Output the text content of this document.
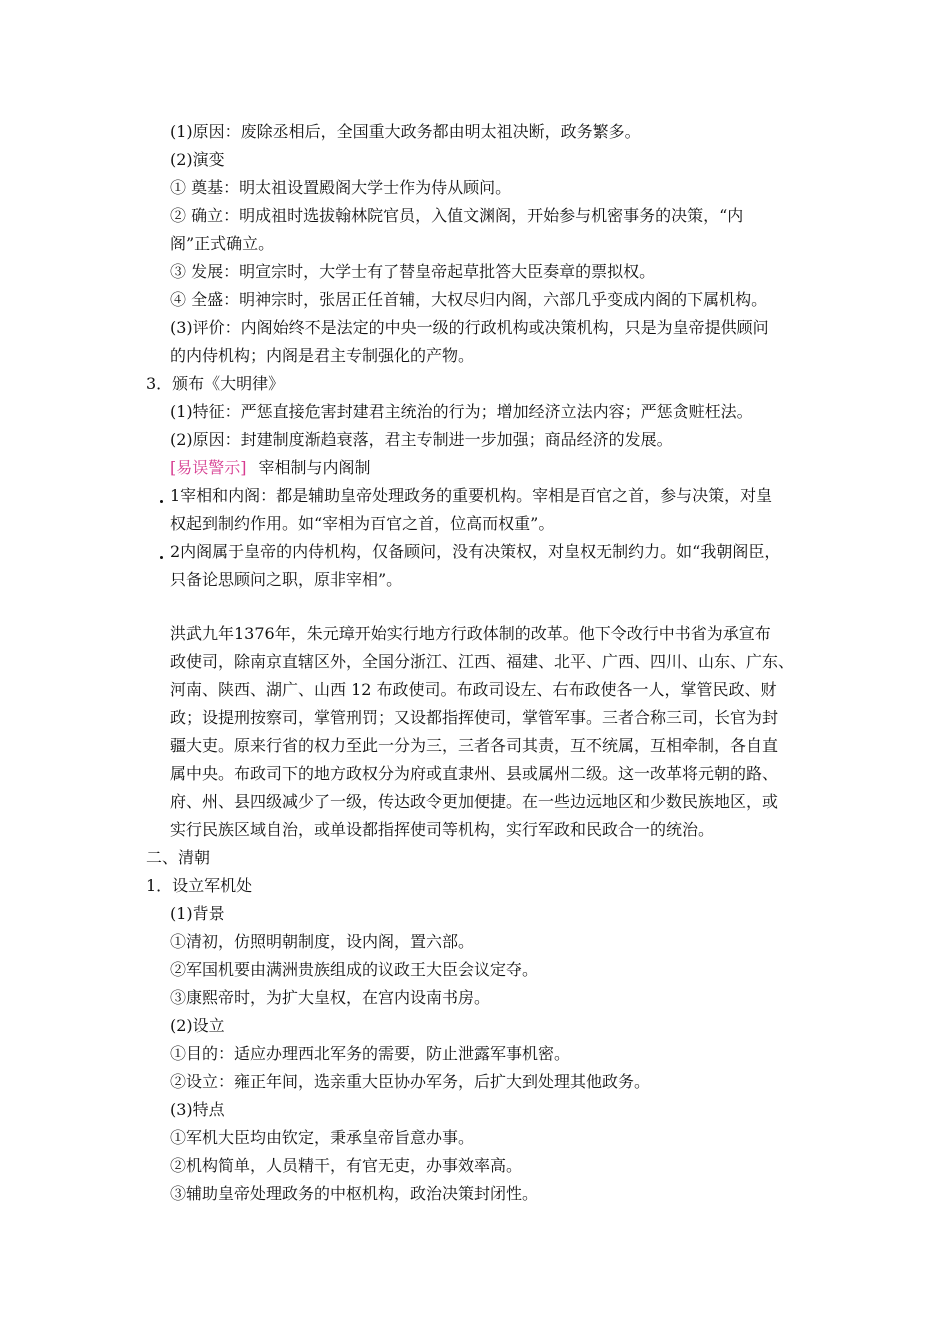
(1)原因：废除丞相后，全国重大政务都由明太祖决断，政务繁多。
(2)演变
① 奠基：明太祖设置殿阁大学士作为侍从顾问。
② 确立：明成祖时选拔翰林院官员，入值文渊阁，开始参与机密事务的决策，“内
阁”正式确立。
③ 发展：明宣宗时，大学士有了替皇帝起草批答大臣奏章的票拟权。
④ 全盛：明神宗时，张居正任首辅，大权尽归内阁，六部几乎变成内阁的下属机构。
(3)评价：内阁始终不是法定的中央一级的行政机构或决策机构，只是为皇帝提供顾问
的内侍机构；内阁是君主专制强化的产物。
3．颁布《大明律》
(1)特征：严惩直接危害封建君主统治的行为；增加经济立法内容；严惩贪赃枉法。
(2)原因：封建制度渐趋衰落，君主专制进一步加强；商品经济的发展。
[易误警示] 宰相制与内阁制
1宰相和内阁：都是辅助皇帝处理政务的重要机构。宰相是百官之首，参与决策，对皇
权起到制约作用。如“宰相为百官之首，位高而权重”。
2内阁属于皇帝的内侍机构，仅备顾问，没有决策权，对皇权无制约力。如“我朝阁臣，
只备论思顾问之职，原非宰相”。
洪武九年1376年，朱元璋开始实行地方行政体制的改革。他下令改行中书省为承宣布
政使司，除南京直辖区外，全国分浙江、江西、福建、北平、广西、四川、山东、广东、
河南、陕西、湖广、山西 12 布政使司。布政司设左、右布政使各一人，掌管民政、财
政；设提刑按察司，掌管刑罚；又设都指挥使司，掌管军事。三者合称三司，长官为封
疆大吏。原来行省的权力至此一分为三，三者各司其责，互不统属，互相牵制，各自直
属中央。布政司下的地方政权分为府或直隶州、县或属州二级。这一改革将元朝的路、
府、州、县四级减少了一级，传达政令更加便捷。在一些边远地区和少数民族地区，或
实行民族区域自治，或单设都指挥使司等机构，实行军政和民政合一的统治。
二、清朝
1．设立军机处
(1)背景
①清初，仿照明朝制度，设内阁，置六部。
②军国机要由满洲贵族组成的议政王大臣会议定夺。
③康熙帝时，为扩大皇权，在宫内设南书房。
(2)设立
①目的：适应办理西北军务的需要，防止泄露军事机密。
②设立：雍正年间，选亲重大臣协办军务，后扩大到处理其他政务。
(3)特点
①军机大臣均由钦定，秉承皇帝旨意办事。
②机构简单，人员精干，有官无吏，办事效率高。
③辅助皇帝处理政务的中枢机构，政治决策封闭性。
